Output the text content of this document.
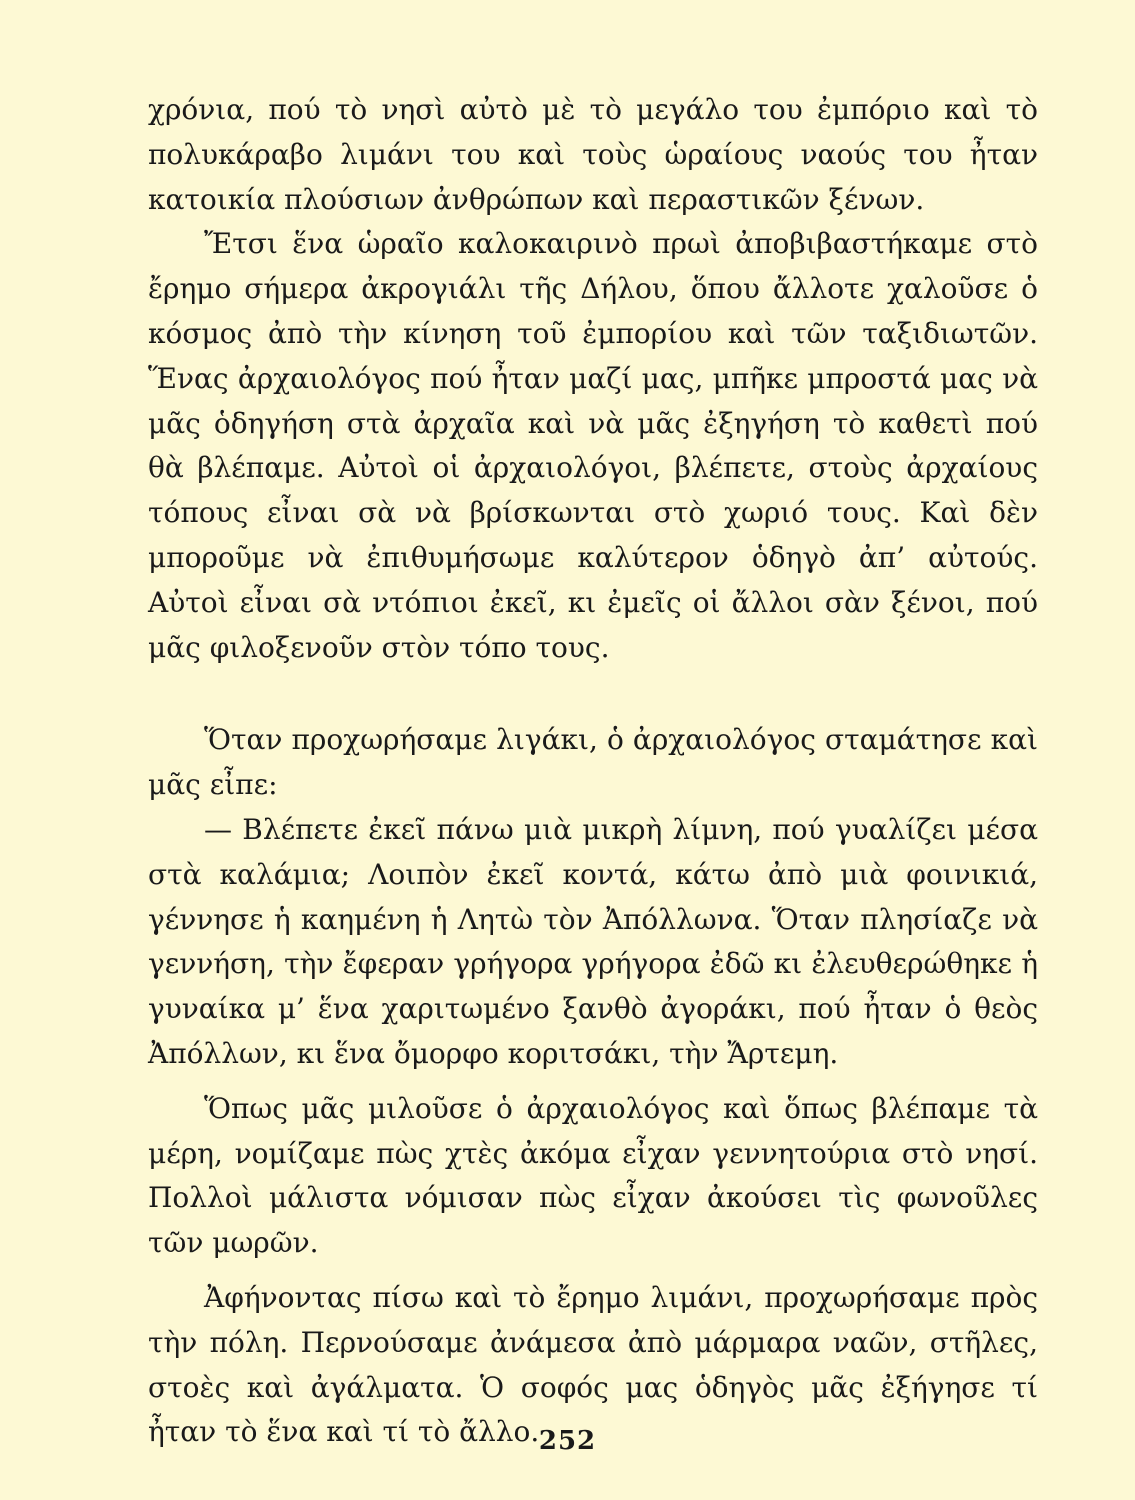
χρόνια, πού τὸ νησὶ αὐτὸ μὲ τὸ μεγάλο του ἐμπόριο καὶ τὸ πολυκάραβο λιμάνι του καὶ τοὺς ὡραίους ναούς του ἦταν κατοικία πλούσιων ἀνθρώπων καὶ περαστικῶν ξένων.

Ἔτσι ἕνα ὡραῖο καλοκαιρινὸ πρωὶ ἀποβιβαστήκαμε στὸ ἔρημο σήμερα ἀκρογιάλι τῆς Δήλου, ὅπου ἄλλοτε χαλοῦσε ὁ κόσμος ἀπὸ τὴν κίνηση τοῦ ἐμπορίου καὶ τῶν ταξιδιωτῶν. Ἕνας ἀρχαιολόγος πού ἦταν μαζί μας, μπῆκε μπροστά μας νὰ μᾶς ὁδηγήση στὰ ἀρχαῖα καὶ νὰ μᾶς ἐξηγήση τὸ καθετὶ πού θὰ βλέπαμε. Αὐτοὶ οἱ ἀρχαιολόγοι, βλέπετε, στοὺς ἀρχαίους τόπους εἶναι σὰ νὰ βρίσκωνται στὸ χωριό τους. Καὶ δὲν μποροῦμε νὰ ἐπιθυμήσωμε καλύτερον ὁδηγὸ ἀπ’ αὐτούς. Αὐτοὶ εἶναι σὰ ντόπιοι ἐκεῖ, κι ἐμεῖς οἱ ἄλλοι σὰν ξένοι, πού μᾶς φιλοξενοῦν στὸν τόπο τους.

Ὅταν προχωρήσαμε λιγάκι, ὁ ἀρχαιολόγος σταμάτησε καὶ μᾶς εἶπε:

— Βλέπετε ἐκεῖ πάνω μιὰ μικρὴ λίμνη, πού γυαλίζει μέσα στὰ καλάμια; Λοιπὸν ἐκεῖ κοντά, κάτω ἀπὸ μιὰ φοινικιά, γέννησε ἡ καημένη ἡ Λητὼ τὸν Ἀπόλλωνα. Ὅταν πλησίαζε νὰ γεννήση, τὴν ἔφεραν γρήγορα γρήγορα ἐδῶ κι ἐλευθερώθηκε ἡ γυναίκα μ’ ἕνα χαριτωμένο ξανθὸ ἀγοράκι, πού ἦταν ὁ θεὸς Ἀπόλλων, κι ἕνα ὄμορφο κοριτσάκι, τὴν Ἄρτεμη.

Ὅπως μᾶς μιλοῦσε ὁ ἀρχαιολόγος καὶ ὅπως βλέπαμε τὰ μέρη, νομίζαμε πὼς χτὲς ἀκόμα εἶχαν γεννητούρια στὸ νησί. Πολλοὶ μάλιστα νόμισαν πὼς εἶχαν ἀκούσει τὶς φωνοῦλες τῶν μωρῶν.

Ἀφήνοντας πίσω καὶ τὸ ἔρημο λιμάνι, προχωρήσαμε πρὸς τὴν πόλη. Περνούσαμε ἀνάμεσα ἀπὸ μάρμαρα ναῶν, στῆλες, στοὲς καὶ ἀγάλματα. Ὁ σοφός μας ὁδηγὸς μᾶς ἐξήγησε τί ἦταν τὸ ἕνα καὶ τί τὸ ἄλλο. 252
